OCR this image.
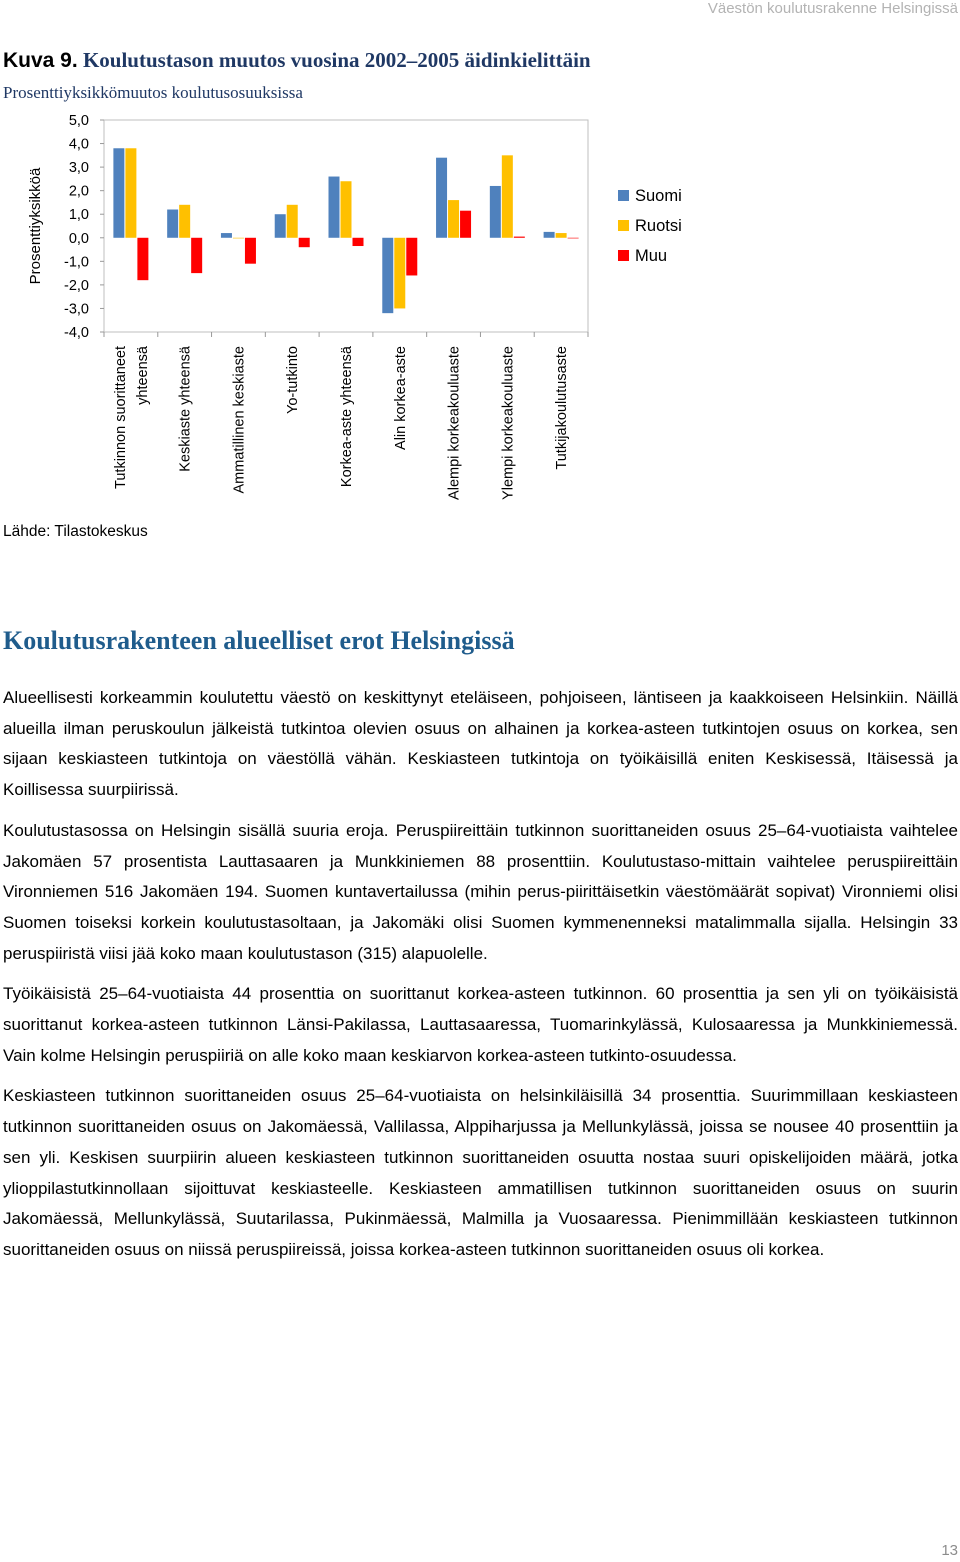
Väestön koulutusrakenne Helsingissä
Kuva 9. Koulutustason muutos vuosina 2002–2005 äidinkielittäin
Prosenttiyksikkömuutos koulutusosuuksissa
5,0
4,0
3,0
2,0
1,0
0,0
-1,0
-2,0
-3,0
-4,0
Prosenttiyksikköä
Tutkinnon suorittaneet yhteensä Keskiaste yhteensä	Ammatillinen keskiaste	Yo-tutkinto	Korkea-aste yhteensä	Alin korkea-aste	Alempi korkeakouluaste	Ylempi korkeakouluaste	Tutkijakoulutusaste
Suomi
Ruotsi
Muu
Lähde: Tilastokeskus
Koulutusrakenteen alueelliset erot Helsingissä

Alueellisesti korkeammin koulutettu väestö on keskittynyt eteläiseen, pohjoiseen, läntiseen ja kaakkoiseen Helsinkiin. Näillä alueilla ilman peruskoulun jälkeistä tutkintoa olevien osuus on alhainen ja korkea-asteen tutkintojen osuus on korkea, sen sijaan keskiasteen tutkintoja on väestöllä vähän. Keskiasteen tutkintoja on työikäisillä eniten Keskisessä, Itäisessä ja Koillisessa suurpiirissä.

Koulutustasossa on Helsingin sisällä suuria eroja. Peruspiireittäin tutkinnon suorittaneiden osuus 25–64-vuotiaista vaihtelee Jakomäen 57 prosentista Lauttasaaren ja Munkkiniemen 88 prosenttiin. Koulutustaso-mittain vaihtelee peruspiireittäin Vironniemen 516 Jakomäen 194. Suomen kuntavertailussa (mihin perus-piirittäisetkin väestömäärät sopivat) Vironniemi olisi Suomen toiseksi korkein koulutustasoltaan, ja Jakomäki olisi Suomen kymmenenneksi matalimmalla sijalla. Helsingin 33 peruspiiristä viisi jää koko maan koulutustason (315) alapuolelle.

Työikäisistä 25–64-vuotiaista 44 prosenttia on suorittanut korkea-asteen tutkinnon. 60 prosenttia ja sen yli on työikäisistä suorittanut korkea-asteen tutkinnon Länsi-Pakilassa, Lauttasaaressa, Tuomarinkylässä, Kulosaaressa ja Munkkiniemessä. Vain kolme Helsingin peruspiiriä on alle koko maan keskiarvon korkea-asteen tutkinto-osuudessa.

Keskiasteen tutkinnon suorittaneiden osuus 25–64-vuotiaista on helsinkiläisillä 34 prosenttia. Suurimmillaan keskiasteen tutkinnon suorittaneiden osuus on Jakomäessä, Vallilassa, Alppiharjussa ja Mellunkylässä, joissa se nousee 40 prosenttiin ja sen yli. Keskisen suurpiirin alueen keskiasteen tutkinnon suorittaneiden osuutta nostaa suuri opiskelijoiden määrä, jotka ylioppilastutkinnollaan sijoittuvat keskiasteelle. Keskiasteen ammatillisen tutkinnon suorittaneiden osuus on suurin Jakomäessä, Mellunkylässä, Suutarilassa, Pukinmäessä, Malmilla ja Vuosaaressa. Pienimmillään keskiasteen tutkinnon suorittaneiden osuus on niissä peruspiireissä, joissa korkea-asteen tutkinnon suorittaneiden osuus oli korkea.

13
